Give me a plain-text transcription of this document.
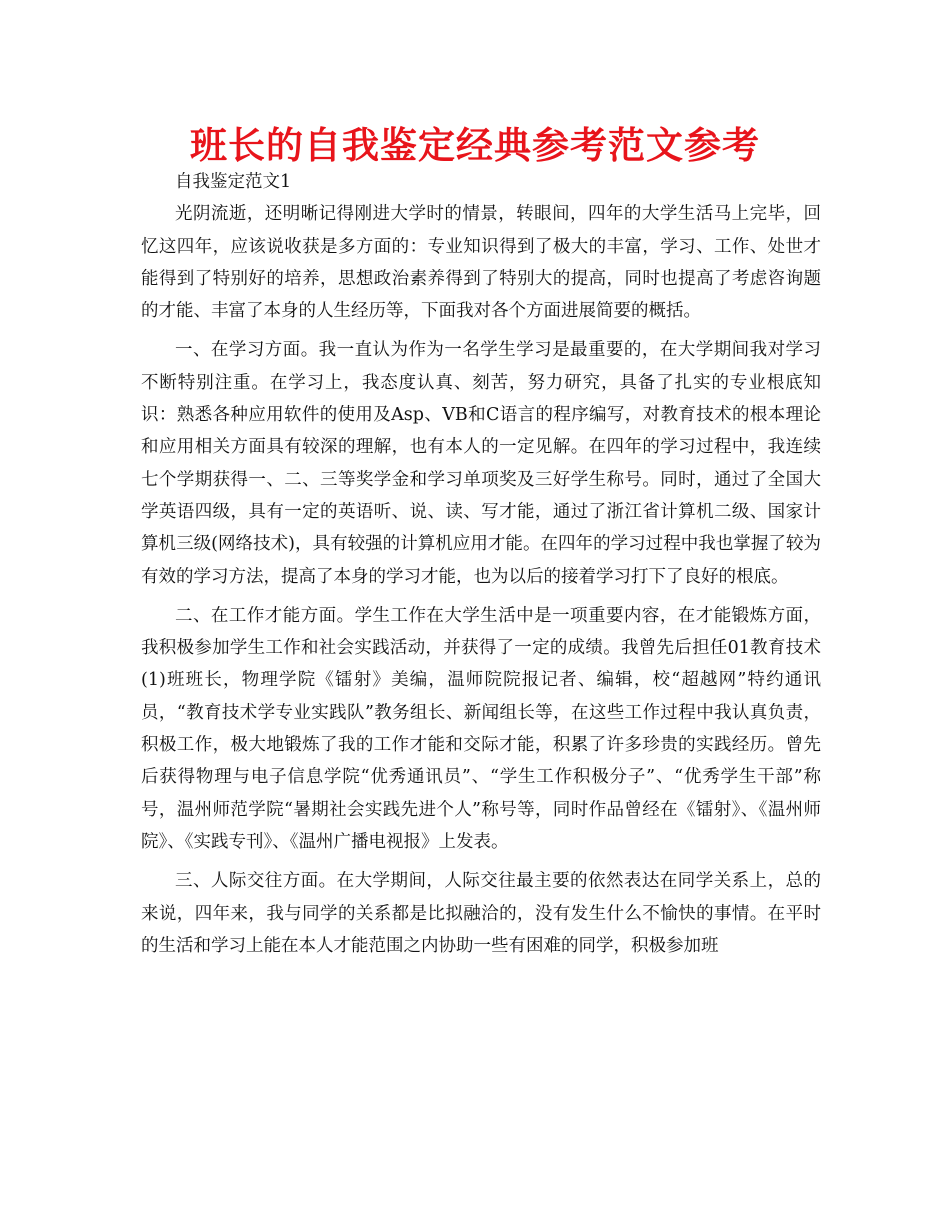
班长的自我鉴定经典参考范文参考

自我鉴定范文1

光阴流逝，还明晰记得刚进大学时的情景，转眼间，四年的大学生活马上完毕，回忆这四年，应该说收获是多方面的：专业知识得到了极大的丰富，学习、工作、处世才能得到了特别好的培养，思想政治素养得到了特别大的提高，同时也提高了考虑咨询题的才能、丰富了本身的人生经历等，下面我对各个方面进展简要的概括。

一、在学习方面。我一直认为作为一名学生学习是最重要的，在大学期间我对学习不断特别注重。在学习上，我态度认真、刻苦，努力研究，具备了扎实的专业根底知识：熟悉各种应用软件的使用及Asp、VB和C语言的程序编写，对教育技术的根本理论和应用相关方面具有较深的理解，也有本人的一定见解。在四年的学习过程中，我连续七个学期获得一、二、三等奖学金和学习单项奖及三好学生称号。同时，通过了全国大学英语四级，具有一定的英语听、说、读、写才能，通过了浙江省计算机二级、国家计算机三级(网络技术)，具有较强的计算机应用才能。在四年的学习过程中我也掌握了较为有效的学习方法，提高了本身的学习才能，也为以后的接着学习打下了良好的根底。

二、在工作才能方面。学生工作在大学生活中是一项重要内容，在才能锻炼方面，我积极参加学生工作和社会实践活动，并获得了一定的成绩。我曾先后担任01教育技术(1)班班长，物理学院《镭射》美编，温师院院报记者、编辑，校“超越网”特约通讯员，“教育技术学专业实践队”教务组长、新闻组长等，在这些工作过程中我认真负责，积极工作，极大地锻炼了我的工作才能和交际才能，积累了许多珍贵的实践经历。曾先后获得物理与电子信息学院“优秀通讯员”、“学生工作积极分子”、“优秀学生干部”称号，温州师范学院“暑期社会实践先进个人”称号等，同时作品曾经在《镭射》、《温州师院》、《实践专刊》、《温州广播电视报》上发表。

三、人际交往方面。在大学期间，人际交往最主要的依然表达在同学关系上，总的来说，四年来，我与同学的关系都是比拟融洽的，没有发生什么不愉快的事情。在平时的生活和学习上能在本人才能范围之内协助一些有困难的同学，积极参加班
